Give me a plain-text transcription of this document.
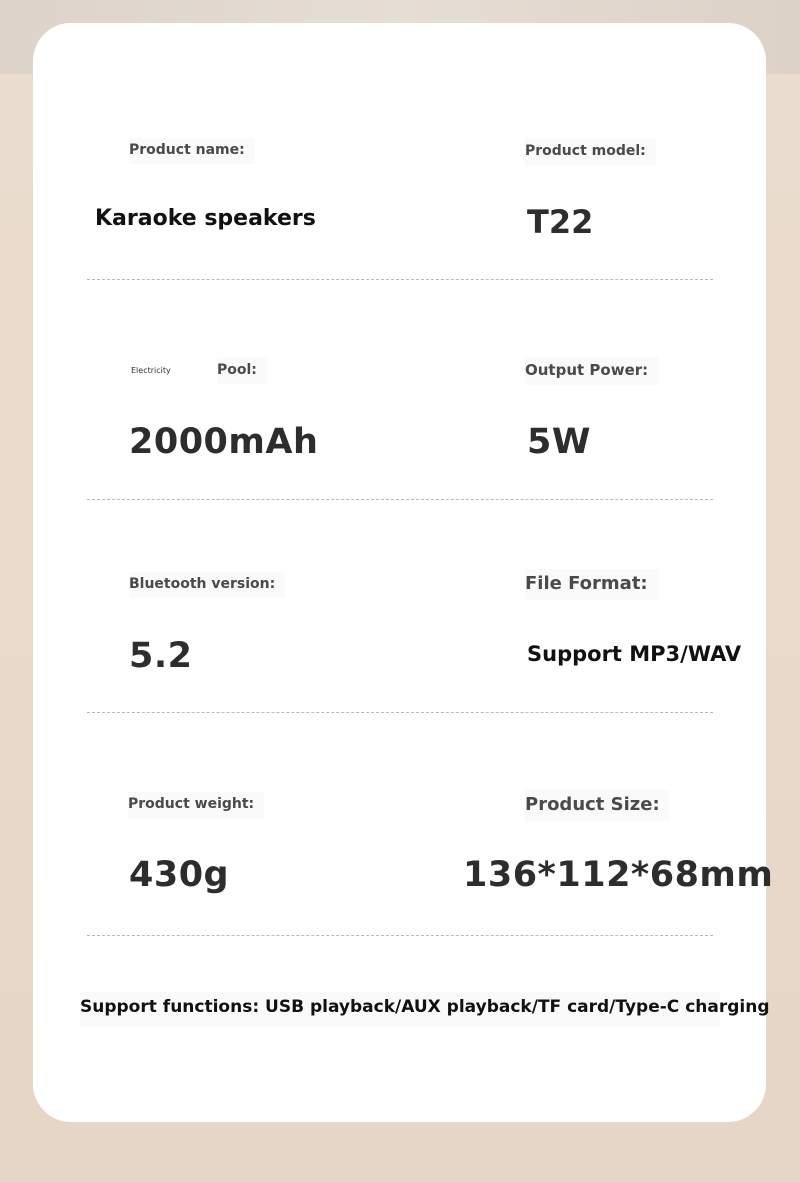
Product name:
Karaoke speakers
Product model:
T22
Electricity	Pool:
2000mAh
Output Power:
5W
Bluetooth version:
5.2
File Format:
Support MP3/WAV
Product weight:
430g
Product Size:
136*112*68mm
Support functions: USB playback/AUX playback/TF card/Type-C charging
